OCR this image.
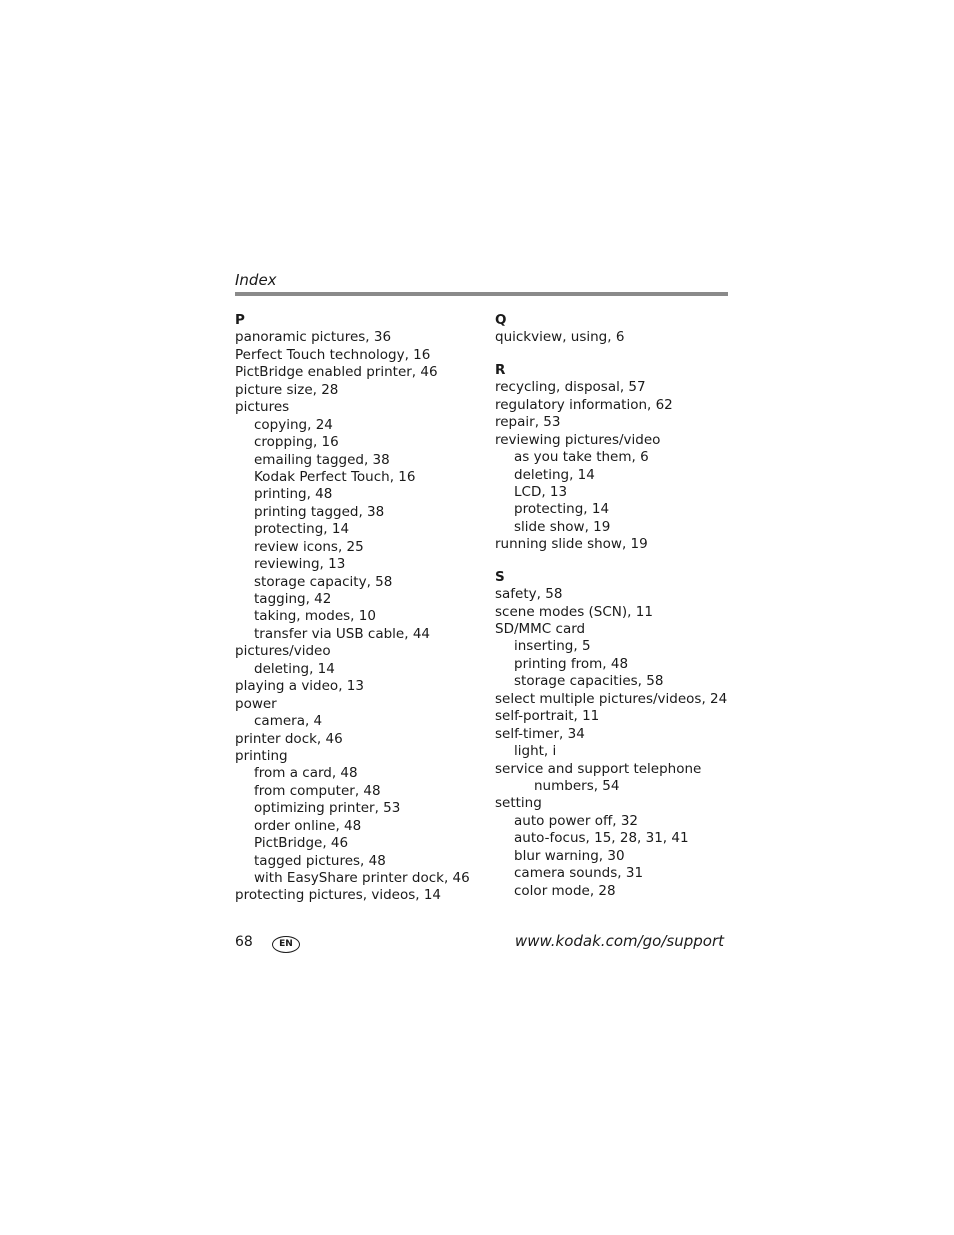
Index
P
panoramic pictures, 36
Perfect Touch technology, 16
PictBridge enabled printer, 46
picture size, 28
pictures
copying, 24
cropping, 16
emailing tagged, 38
Kodak Perfect Touch, 16
printing, 48
printing tagged, 38
protecting, 14
review icons, 25
reviewing, 13
storage capacity, 58
tagging, 42
taking, modes, 10
transfer via USB cable, 44
pictures/video
deleting, 14
playing a video, 13
power
camera, 4
printer dock, 46
printing
from a card, 48
from computer, 48
optimizing printer, 53
order online, 48
PictBridge, 46
tagged pictures, 48
with EasyShare printer dock, 46
protecting pictures, videos, 14
Q
quickview, using, 6
R
recycling, disposal, 57
regulatory information, 62
repair, 53
reviewing pictures/video
as you take them, 6
deleting, 14
LCD, 13
protecting, 14
slide show, 19
running slide show, 19
S
safety, 58
scene modes (SCN), 11
SD/MMC card
inserting, 5
printing from, 48
storage capacities, 58
select multiple pictures/videos, 24
self-portrait, 11
self-timer, 34
light, i
service and support telephone
numbers, 54
setting
auto power off, 32
auto-focus, 15, 28, 31, 41
blur warning, 30
camera sounds, 31
color mode, 28
68	EN	www.kodak.com/go/support
